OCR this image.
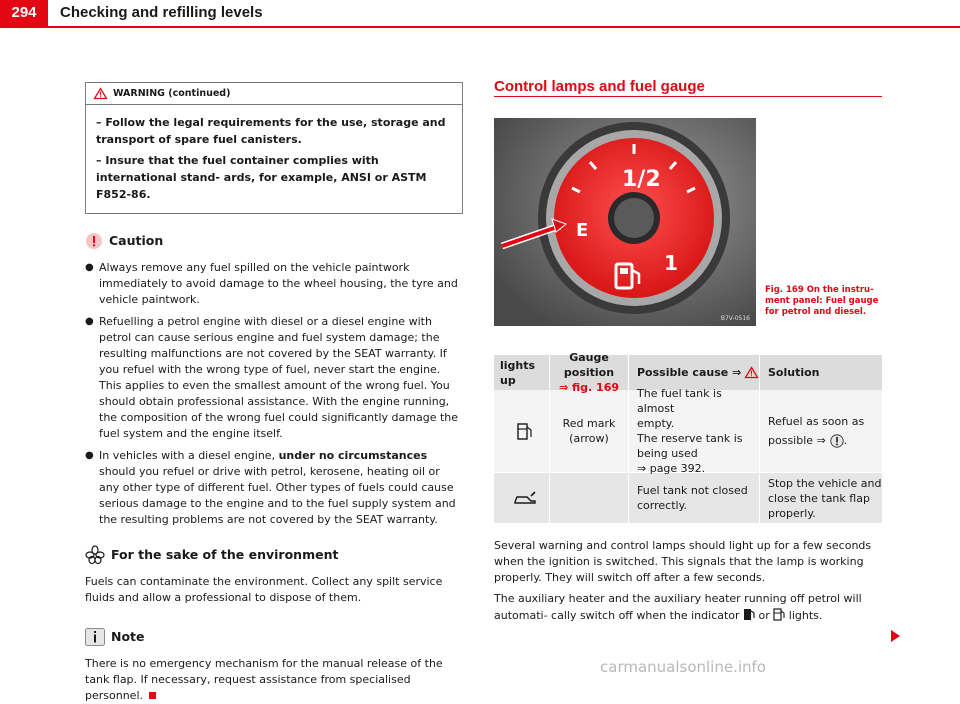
294	Checking and refilling levels
WARNING (continued)

– Follow the legal requirements for the use, storage and transport of spare fuel canisters.

– Insure that the fuel container complies with international stand- ards, for example, ANSI or ASTM F852-86.

Caution
● Always remove any fuel spilled on the vehicle paintwork immediately to avoid damage to the wheel housing, the tyre and vehicle paintwork.
● Refuelling a petrol engine with diesel or a diesel engine with petrol can cause serious engine and fuel system damage; the resulting malfunctions are not covered by the SEAT warranty. If you refuel with the wrong type of fuel, never start the engine. This applies to even the smallest amount of the wrong fuel. You should obtain professional assistance. With the engine running, the composition of the wrong fuel could significantly damage the fuel system and the engine itself.
● In vehicles with a diesel engine, under no circumstances should you refuel or drive with petrol, kerosene, heating oil or any other type of different fuel. Other types of fuels could cause serious damage to the engine and to the fuel supply system and the resulting problems are not covered by the SEAT warranty.
For the sake of the environment
Fuels can contaminate the environment. Collect any spilt service fluids and allow a professional to dispose of them.
Note
There is no emergency mechanism for the manual release of the tank flap. If necessary, request assistance from specialised personnel.
Control lamps and fuel gauge
1/2
1
E
B7V-0516
Fig. 169 On the instru- ment panel: Fuel gauge for petrol and diesel.
lights up
Gauge position
⇒ fig. 169
Possible cause ⇒	Solution
Red mark (arrow)
The fuel tank is almost
empty.
The reserve tank is
being used
⇒ page 392.
Refuel as soon as
possible ⇒ .
Fuel tank not closed
correctly.
Stop the vehicle and close the tank flap properly.
Several warning and control lamps should light up for a few seconds when the ignition is switched. This signals that the lamp is working properly. They will switch off after a few seconds.
The auxiliary heater and the auxiliary heater running off petrol will automati- cally switch off when the indicator  or  lights.
carmanualsonline.info
